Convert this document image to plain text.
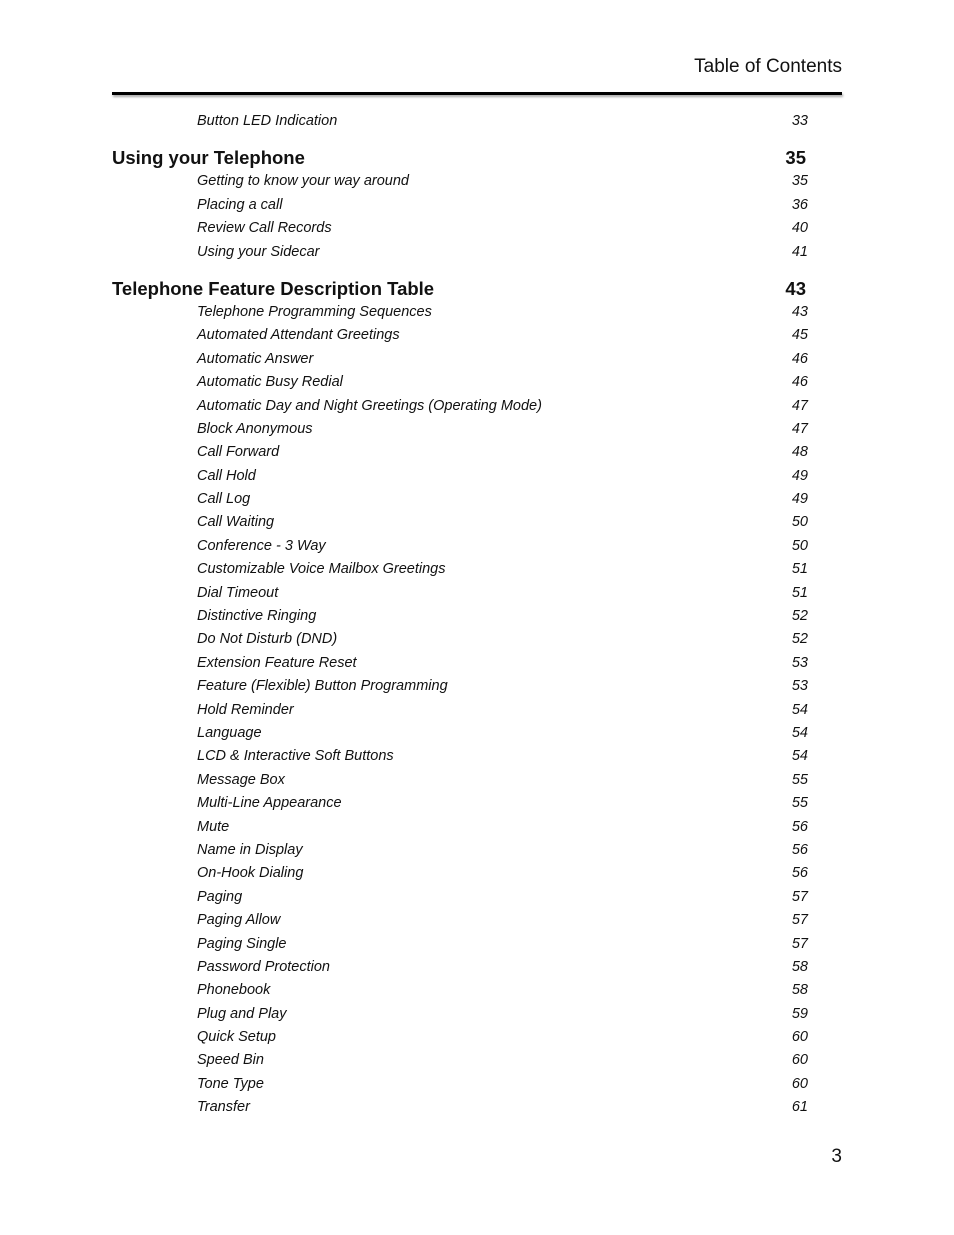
Table of Contents
Button LED Indication	33
Using your Telephone	35
Getting to know your way around	35
Placing a call	36
Review Call Records	40
Using your Sidecar	41
Telephone Feature Description Table	43
Telephone Programming Sequences	43
Automated Attendant Greetings	45
Automatic Answer	46
Automatic Busy Redial	46
Automatic Day and Night Greetings (Operating Mode)	47
Block Anonymous	47
Call Forward	48
Call Hold	49
Call Log	49
Call Waiting	50
Conference - 3 Way	50
Customizable Voice Mailbox Greetings	51
Dial Timeout	51
Distinctive Ringing	52
Do Not Disturb (DND)	52
Extension Feature Reset	53
Feature (Flexible) Button Programming	53
Hold Reminder	54
Language	54
LCD & Interactive Soft Buttons	54
Message Box	55
Multi-Line Appearance	55
Mute	56
Name in Display	56
On-Hook Dialing	56
Paging	57
Paging Allow	57
Paging Single	57
Password Protection	58
Phonebook	58
Plug and Play	59
Quick Setup	60
Speed Bin	60
Tone Type	60
Transfer	61
3
